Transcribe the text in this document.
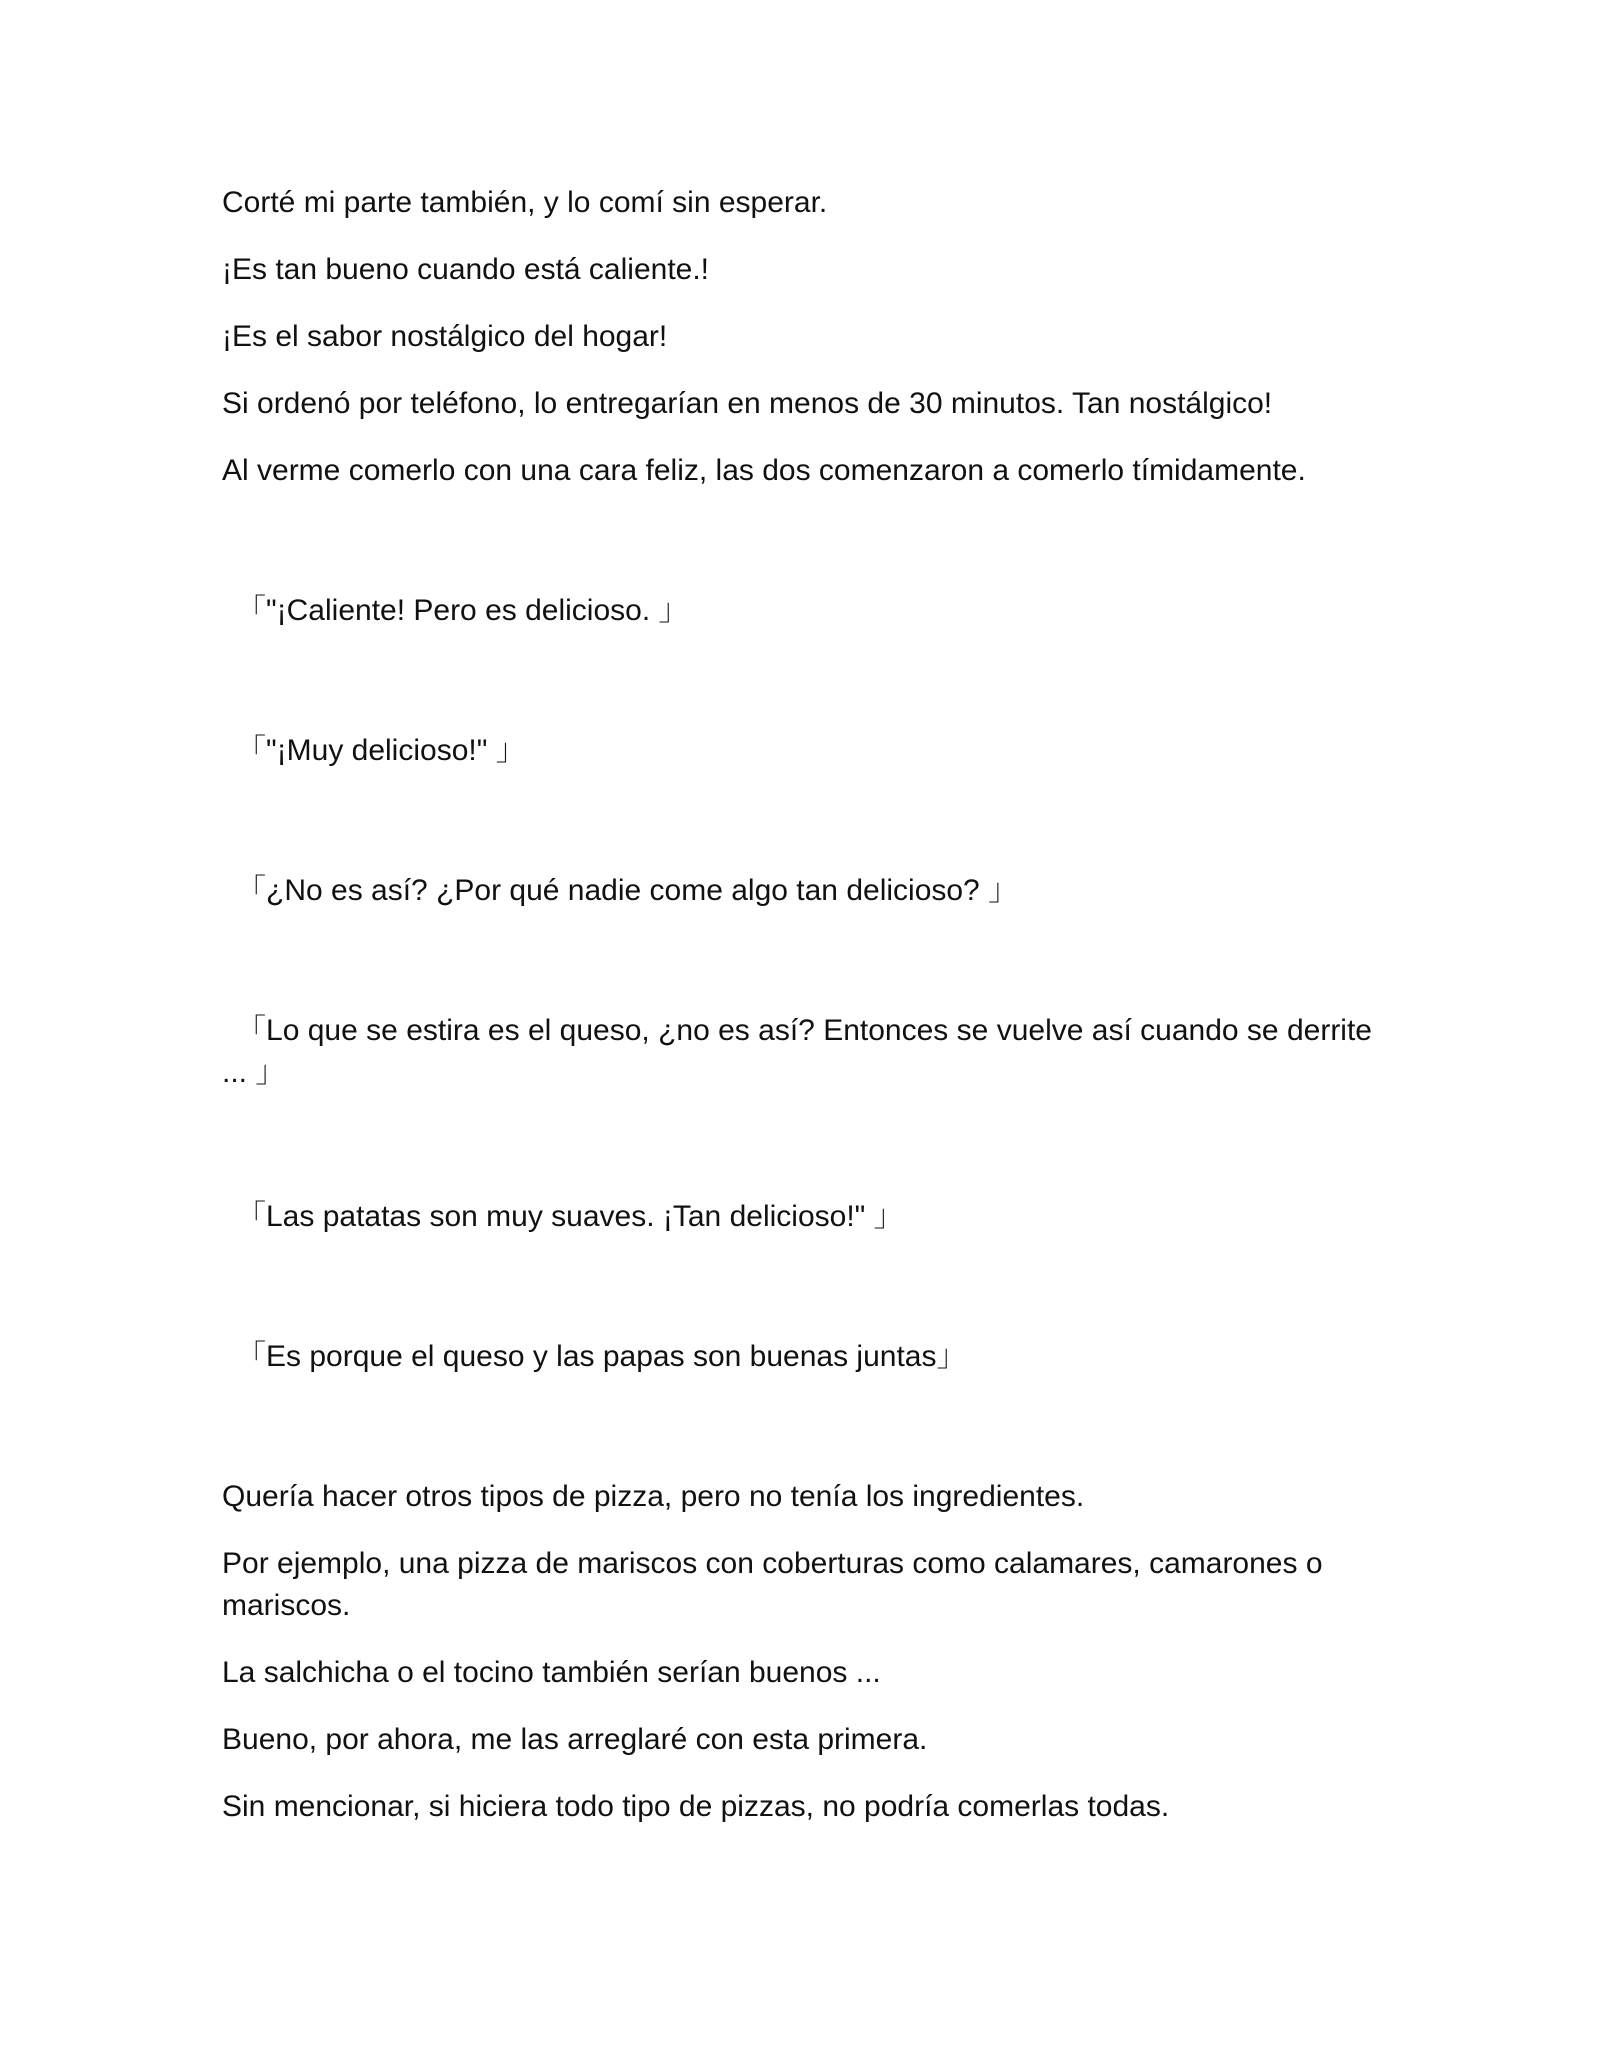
Corté mi parte también, y lo comí sin esperar.

¡Es tan bueno cuando está caliente.!

¡Es el sabor nostálgico del hogar!

Si ordenó por teléfono, lo entregarían en menos de 30 minutos. Tan nostálgico!

Al verme comerlo con una cara feliz, las dos comenzaron a comerlo tímidamente.

「"¡Caliente! Pero es delicioso. 」

「"¡Muy delicioso!" 」

「¿No es así? ¿Por qué nadie come algo tan delicioso? 」

「Lo que se estira es el queso, ¿no es así? Entonces se vuelve así cuando se derrite ... 」

「Las patatas son muy suaves. ¡Tan delicioso!" 」

「Es porque el queso y las papas son buenas juntas」

Quería hacer otros tipos de pizza, pero no tenía los ingredientes.

Por ejemplo, una pizza de mariscos con coberturas como calamares, camarones o mariscos.

La salchicha o el tocino también serían buenos ...

Bueno, por ahora, me las arreglaré con esta primera.

Sin mencionar, si hiciera todo tipo de pizzas, no podría comerlas todas.
